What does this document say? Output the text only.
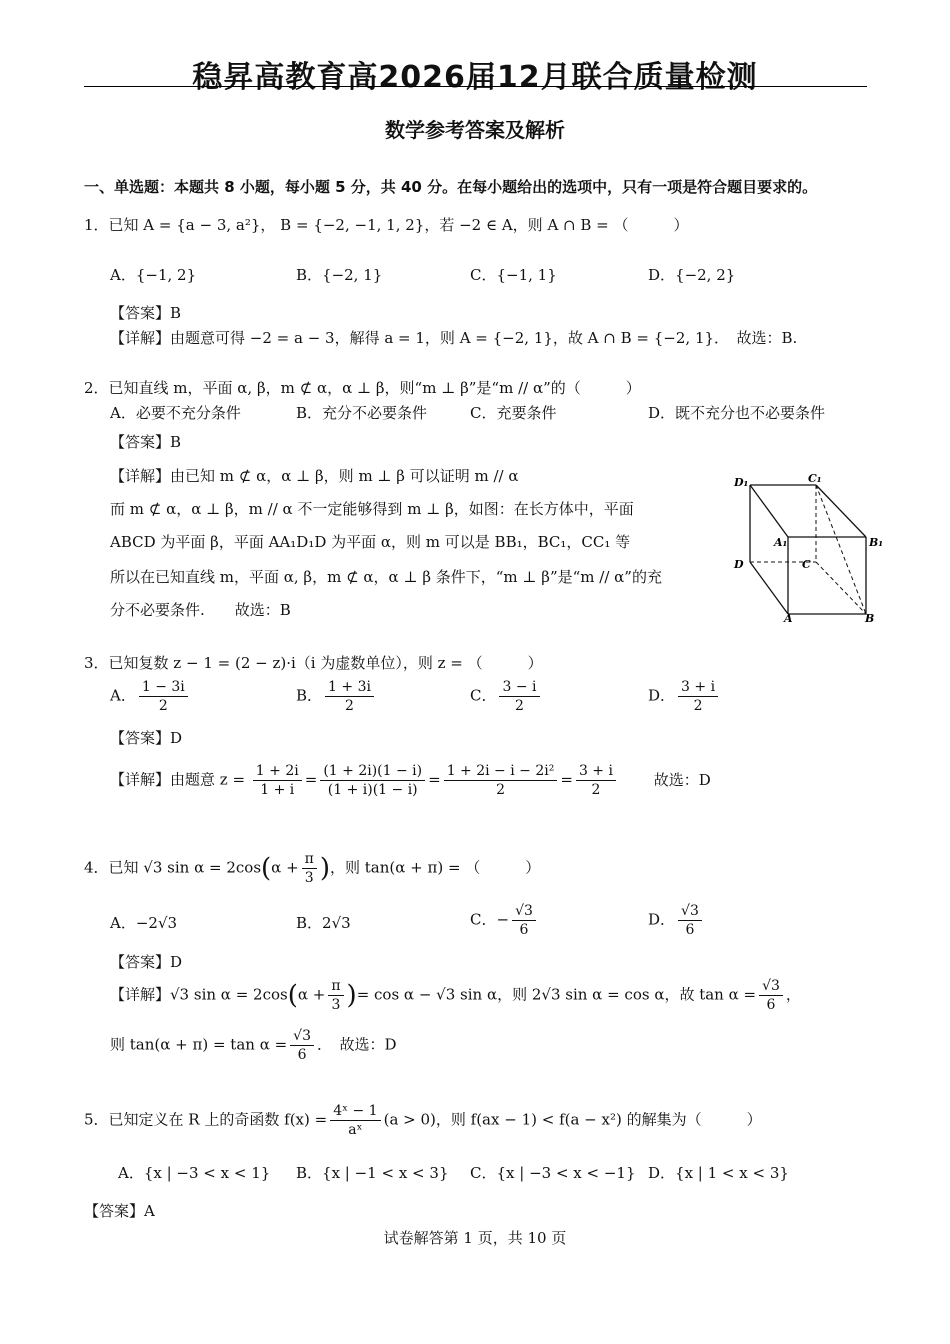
稳昇高教育高2026届12月联合质量检测
数学参考答案及解析
一、单选题：本题共 8 小题，每小题 5 分，共 40 分。在每小题给出的选项中，只有一项是符合题目要求的。
1．已知 A = {a − 3, a²}， B = {−2, −1, 1, 2}，若 −2 ∈ A，则 A ∩ B = （　　　）
A．{−1, 2}	B．{−2, 1}	C．{−1, 1}	D．{−2, 2}
【答案】B
【详解】由题意可得 −2 = a − 3，解得 a = 1，则 A = {−2, 1}，故 A ∩ B = {−2, 1}．　故选：B.
2．已知直线 m，平面 α, β，m ⊄ α，α ⊥ β，则“m ⊥ β”是“m // α”的（　　　）
A．必要不充分条件	B．充分不必要条件	C．充要条件	D．既不充分也不必要条件
【答案】B
【详解】由已知 m ⊄ α，α ⊥ β，则 m ⊥ β 可以证明 m // α
而 m ⊄ α，α ⊥ β，m // α 不一定能够得到 m ⊥ β，如图：在长方体中，平面
ABCD 为平面 β，平面 AA₁D₁D 为平面 α，则 m 可以是 BB₁，BC₁，CC₁ 等
所以在已知直线 m，平面 α, β，m ⊄ α，α ⊥ β 条件下，“m ⊥ β”是“m // α”的充
分不必要条件.　　故选：B
D₁	C₁
A₁	B₁
D	C
A	B
3．已知复数 z − 1 = (2 − z)·i（i 为虚数单位），则 z = （　　　）
A． $\frac{1 - 3i}{2}$	B． $\frac{1 + 3i}{2}$	C． $\frac{3 - i}{2}$	D． $\frac{3 + i}{2}$
【答案】D
【详解】由题意 $z = \frac{1 + 2i}{1 + i} = \frac{(1 + 2i)(1 - i)}{(1 + i)(1 - i)} = \frac{\text{1 + 2i − i − 2i²}}{2} = \frac{3 + i}{2}$	故选：D
4．已知 √3 $\sin \alpha = 2\cos(\alpha + \frac{\pi}{3}$ )，则 tan(α + π) = （　　　）
A．−2√3	B．2√3	C．− $\frac{√3}{6}$	D． $\frac{√3}{6}$
【答案】D
【详解】√3 $\sin \alpha = 2\cos(\alpha + \frac{\pi}{3}$ )= cos α − √3 sin α，则 2√3 sin α = cos α，故 $\tan \alpha = \frac{√3}{6}$ ，
则 $\tan(\alpha + \pi) = \tan \alpha = \frac{√3}{6}$ ．　故选：D
5．已知定义在 R 上的奇函数 $f(x) = \frac{\text{4ˣ − 1}}{\text{aˣ}} (a > 0)$，则 f(ax − 1) < f(a − x²) 的解集为（　　　）
A．{x | −3 < x < 1} B．{x | −1 < x < 3} C．{x | −3 < x < −1} D．{x | 1 < x < 3}
【答案】A
试卷解答第 1 页，共 10 页
